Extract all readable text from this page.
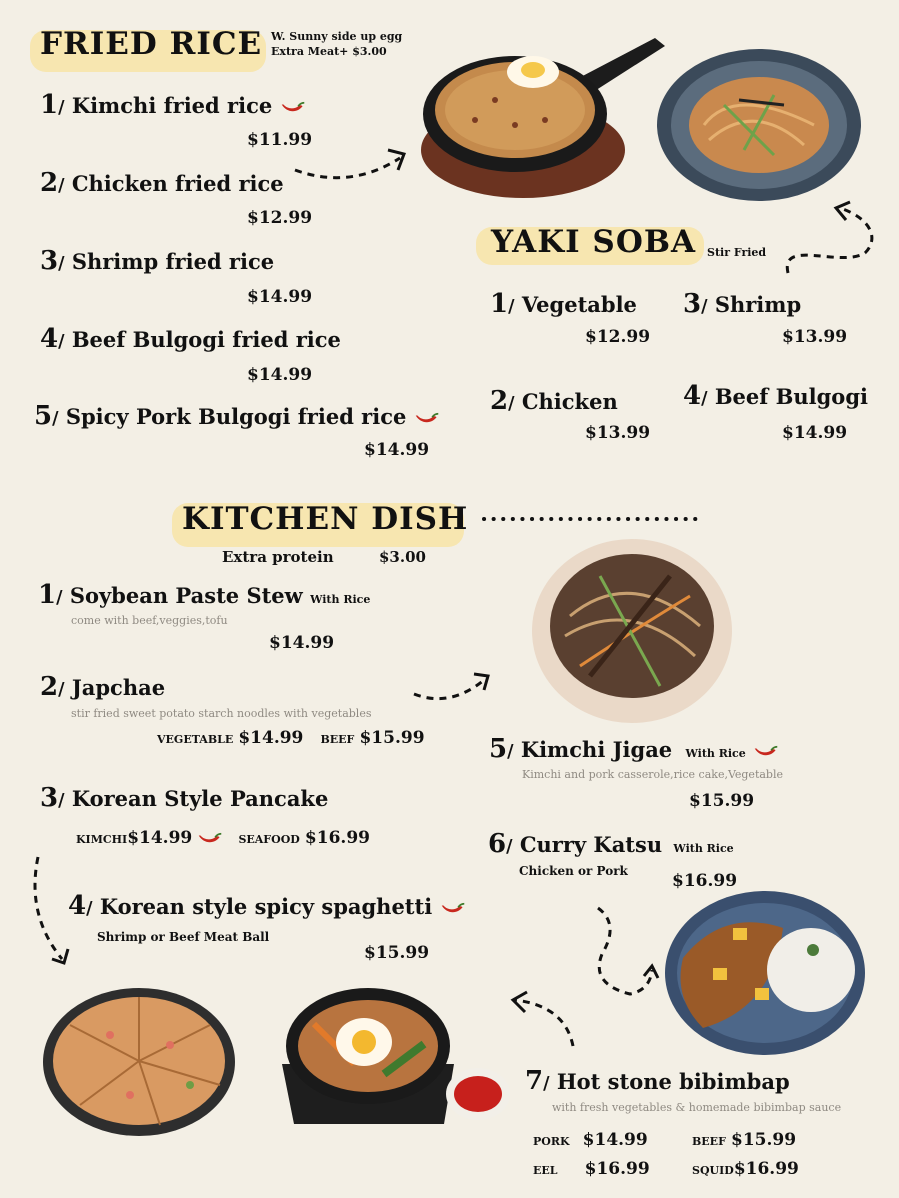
FRIED RICE W. Sunny side up egg
Extra Meat+ $3.00
1/ Kimchi fried rice
$11.99
2/ Chicken fried rice
$12.99
3/ Shrimp fried rice
$14.99
4/ Beef Bulgogi fried rice
$14.99
5/ Spicy Pork Bulgogi fried rice
$14.99
YAKI SOBA Stir Fried
1/ Vegetable
$12.99
2/ Chicken
$13.99
3/ Shrimp
$13.99
4/ Beef Bulgogi
$14.99
KITCHEN DISH
Extra protein	$3.00
1/ Soybean Paste Stew With Rice
come with beef,veggies,tofu
$14.99
2/ Japchae
stir fried sweet potato starch noodles with vegetables
VEGETABLE $14.99 BEEF $15.99
3/ Korean Style Pancake
KIMCHI$14.99	SEAFOOD $16.99
4/ Korean style spicy spaghetti
Shrimp or Beef Meat Ball
$15.99
5/ Kimchi Jigae With Rice
Kimchi and pork casserole,rice cake,Vegetable
$15.99
6/ Curry Katsu With Rice
Chicken or Pork	$16.99
7/ Hot stone bibimbap
with fresh vegetables & homemade bibimbap sauce
PORK $14.99	BEEF $15.99
EEL $16.99	SQUID$16.99
